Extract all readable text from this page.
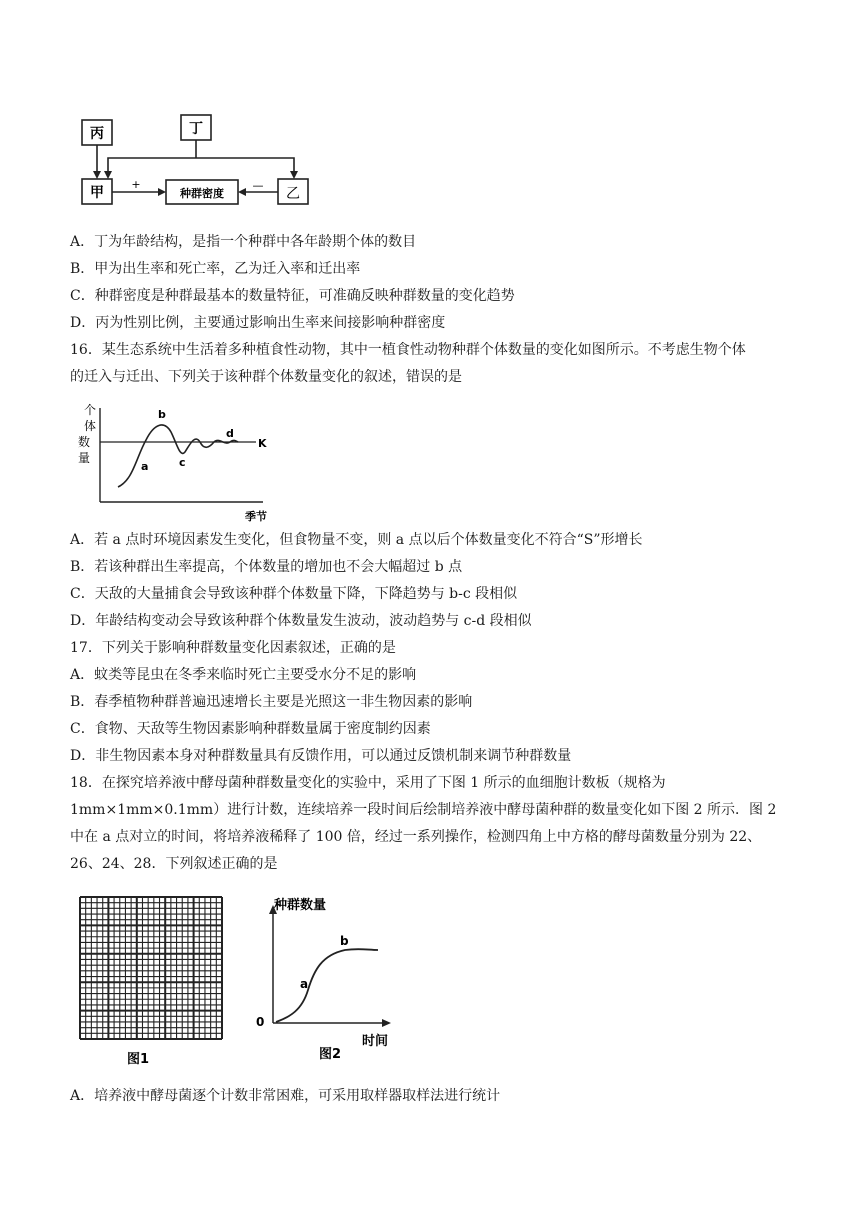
丙	丁
甲	种群密度	乙
+	—
A．丁为年龄结构，是指一个种群中各年龄期个体的数目
B．甲为出生率和死亡率，乙为迁入率和迁出率
C．种群密度是种群最基本的数量特征，可准确反映种群数量的变化趋势
D．丙为性别比例，主要通过影响出生率来间接影响种群密度
16．某生态系统中生活着多种植食性动物，其中一植食性动物种群个体数量的变化如图所示。不考虑生物个体
的迁入与迁出、下列关于该种群个体数量变化的叙述，错误的是
个
体
数
量
季节
K
a
b
c
d
A．若 a 点时环境因素发生变化，但食物量不变，则 a 点以后个体数量变化不符合“S”形增长
B．若该种群出生率提高，个体数量的增加也不会大幅超过 b 点
C．天敌的大量捕食会导致该种群个体数量下降，下降趋势与 b-c 段相似
D．年龄结构变动会导致该种群个体数量发生波动，波动趋势与 c-d 段相似
17．下列关于影响种群数量变化因素叙述，正确的是
A．蚊类等昆虫在冬季来临时死亡主要受水分不足的影响
B．春季植物种群普遍迅速增长主要是光照这一非生物因素的影响
C．食物、天敌等生物因素影响种群数量属于密度制约因素
D．非生物因素本身对种群数量具有反馈作用，可以通过反馈机制来调节种群数量
18．在探究培养液中酵母菌种群数量变化的实验中，采用了下图 1 所示的血细胞计数板（规格为
1mm×1mm×0.1mm）进行计数，连续培养一段时间后绘制培养液中酵母菌种群的数量变化如下图 2 所示．图 2
中在 a 点对立的时间，将培养液稀释了 100 倍，经过一系列操作，检测四角上中方格的酵母菌数量分别为 22、
26、24、28．下列叙述正确的是
图1
种群数量
时间
0
a
b
图2
A．培养液中酵母菌逐个计数非常困难，可采用取样器取样法进行统计
